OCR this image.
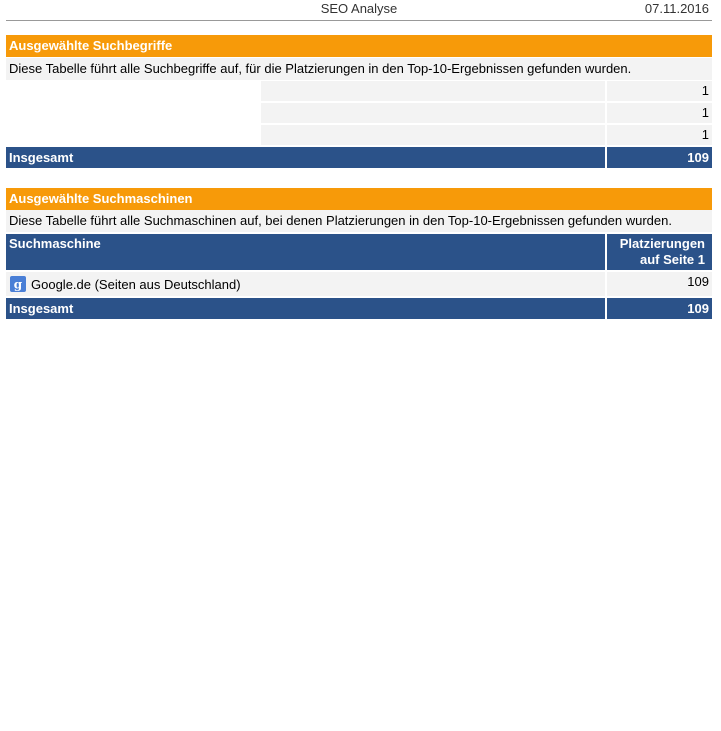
SEO Analyse	07.11.2016
Ausgewählte Suchbegriffe
Diese Tabelle führt alle Suchbegriffe auf, für die Platzierungen in den Top-10-Ergebnissen gefunden wurden.
1
1
1
Insgesamt	109
Ausgewählte Suchmaschinen
Diese Tabelle führt alle Suchmaschinen auf, bei denen Platzierungen in den Top-10-Ergebnissen gefunden wurden.
Suchmaschine	Platzierungen
auf Seite 1
g Google.de (Seiten aus Deutschland)	109
Insgesamt	109
